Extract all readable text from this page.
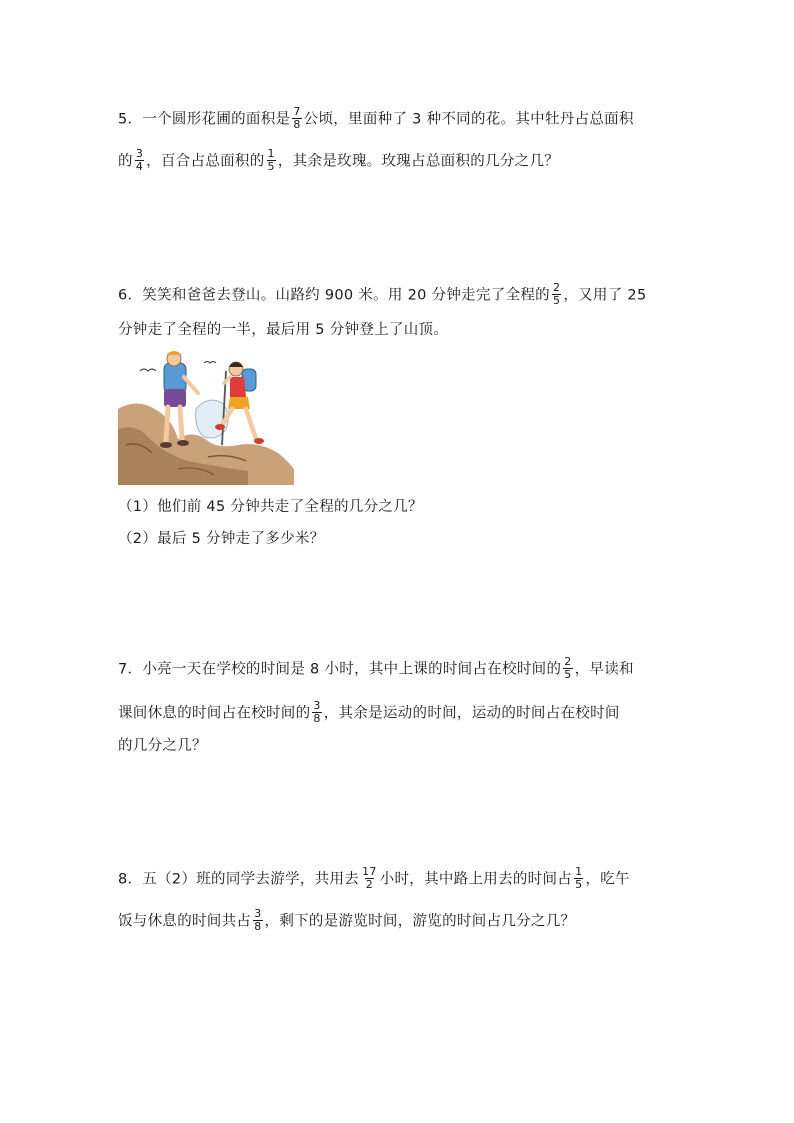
5．一个圆形花圃的面积是 $\frac{7}{8}$ 公顷，里面种了 3 种不同的花。其中牡丹占总面积
的 $\frac{3}{4}$ ，百合占总面积的 $\frac{1}{5}$ ，其余是玫瑰。玫瑰占总面积的几分之几？
6．笑笑和爸爸去登山。山路约 900 米。用 20 分钟走完了全程的 $\frac{2}{5}$ ，又用了 25
分钟走了全程的一半，最后用 5 分钟登上了山顶。
（1）他们前 45 分钟共走了全程的几分之几？
（2）最后 5 分钟走了多少米？
7．小亮一天在学校的时间是 8 小时，其中上课的时间占在校时间的 $\frac{2}{5}$ ，早读和
课间休息的时间占在校时间的 $\frac{3}{8}$ ，其余是运动的时间，运动的时间占在校时间
的几分之几？
8．五（2）班的同学去游学，共用去 $\frac{17}{2}$ 小时，其中路上用去的时间占 $\frac{1}{5}$ ，吃午
饭与休息的时间共占 $\frac{3}{8}$ ，剩下的是游览时间，游览的时间占几分之几？
